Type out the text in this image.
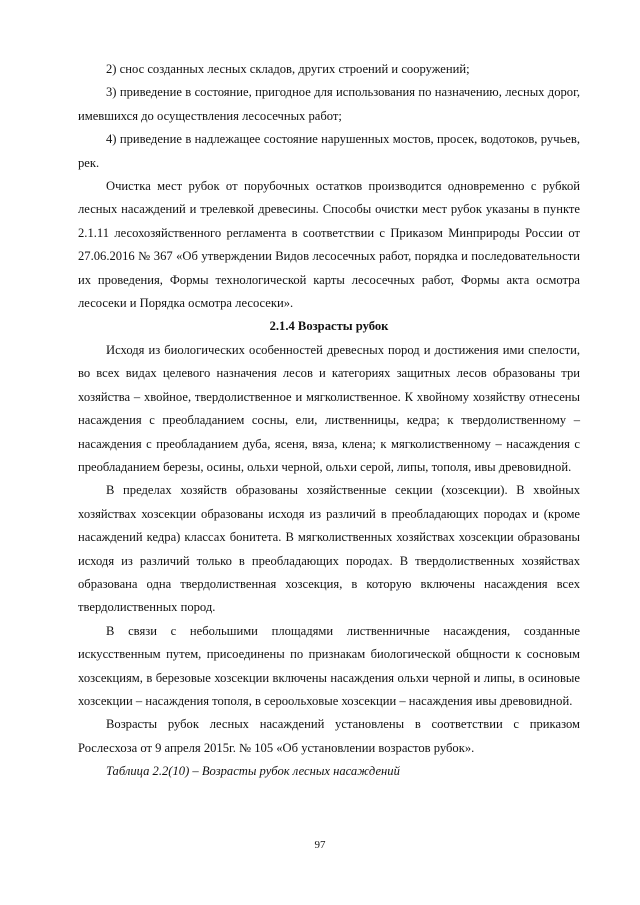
2) снос созданных лесных складов, других строений и сооружений;

3) приведение в состояние, пригодное для использования по назначению, лесных дорог, имевшихся до осуществления лесосечных работ;

4) приведение в надлежащее состояние нарушенных мостов, просек, водотоков, ручьев, рек.

Очистка мест рубок от порубочных остатков производится одновременно с рубкой лесных насаждений и трелевкой древесины. Способы очистки мест рубок указаны в пункте 2.1.11 лесохозяйственного регламента в соответствии с Приказом Минприроды России от 27.06.2016 № 367 «Об утверждении Видов лесосечных работ, порядка и последовательности их проведения, Формы технологической карты лесосечных работ, Формы акта осмотра лесосеки и Порядка осмотра лесосеки».

2.1.4 Возрасты рубок

Исходя из биологических особенностей древесных пород и достижения ими спелости, во всех видах целевого назначения лесов и категориях защитных лесов образованы три хозяйства – хвойное, твердолиственное и мягколиственное. К хвойному хозяйству отнесены насаждения с преобладанием сосны, ели, лиственницы, кедра; к твердолиственному – насаждения с преобладанием дуба, ясеня, вяза, клена; к мягколиственному – насаждения с преобладанием березы, осины, ольхи черной, ольхи серой, липы, тополя, ивы древовидной.

В пределах хозяйств образованы хозяйственные секции (хозсекции). В хвойных хозяйствах хозсекции образованы исходя из различий в преобладающих породах и (кроме насаждений кедра) классах бонитета. В мягколиственных хозяйствах хозсекции образованы исходя из различий только в преобладающих породах. В твердолиственных хозяйствах образована одна твердолиственная хозсекция, в которую включены насаждения всех твердолиственных пород.

В связи с небольшими площадями лиственничные насаждения, созданные искусственным путем, присоединены по признакам биологической общности к сосновым хозсекциям, в березовые хозсекции включены насаждения ольхи черной и липы, в осиновые хозсекции – насаждения тополя, в сероольховые хозсекции – насаждения ивы древовидной.

Возрасты рубок лесных насаждений установлены в соответствии с приказом Рослесхоза от 9 апреля 2015г. № 105 «Об установлении возрастов рубок».

Таблица 2.2(10) – Возрасты рубок лесных насаждений

97
